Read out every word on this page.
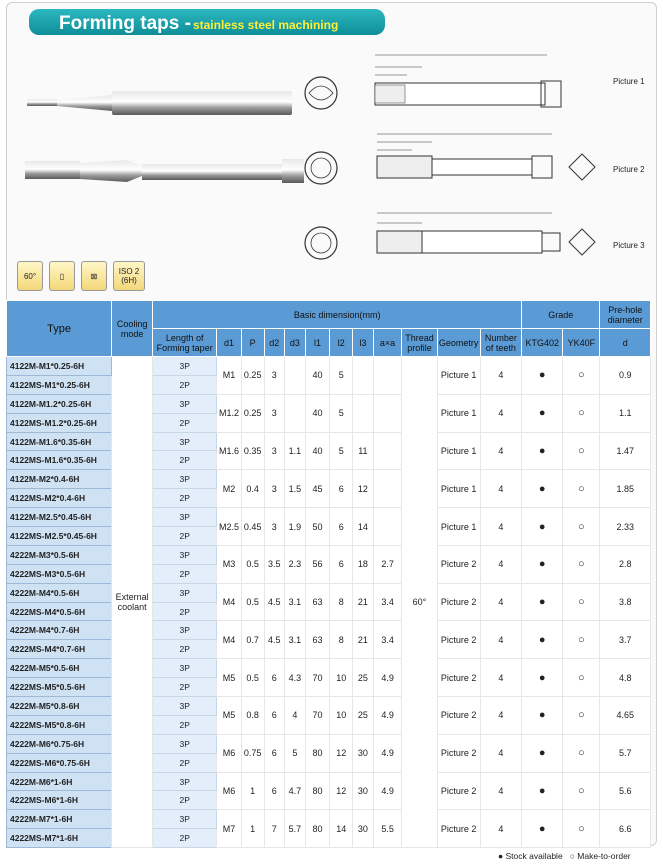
Forming taps - stainless steel machining
Picture 1
Picture 2
Picture 3
60°	▯	⊠	ISO 2
(6H)
Type	Cooling mode	Basic dimension(mm)												Grade		Pre-hole diameter
		Length of Forming taper	d1	P	d2	d3	l1	l2	l3	a×a	Thread profile	Geometry	Number of teeth	KTG402	YK40F	d
4122M-M1*0.25-6H	External coolant	3P	M1	0.25	3		40	5			60°	Picture 1	4	●	○	0.9
4122MS-M1*0.25-6H		2P														
4122M-M1.2*0.25-6H		3P	M1.2	0.25	3		40	5				Picture 1	4	●	○	1.1
4122MS-M1.2*0.25-6H		2P														
4122M-M1.6*0.35-6H		3P	M1.6	0.35	3	1.1	40	5	11			Picture 1	4	●	○	1.47
4122MS-M1.6*0.35-6H		2P														
4122M-M2*0.4-6H		3P	M2	0.4	3	1.5	45	6	12			Picture 1	4	●	○	1.85
4122MS-M2*0.4-6H		2P														
4122M-M2.5*0.45-6H		3P	M2.5	0.45	3	1.9	50	6	14			Picture 1	4	●	○	2.33
4122MS-M2.5*0.45-6H		2P														
4222M-M3*0.5-6H		3P	M3	0.5	3.5	2.3	56	6	18	2.7		Picture 2	4	●	○	2.8
4222MS-M3*0.5-6H		2P														
4222M-M4*0.5-6H		3P	M4	0.5	4.5	3.1	63	8	21	3.4		Picture 2	4	●	○	3.8
4222MS-M4*0.5-6H		2P														
4222M-M4*0.7-6H		3P	M4	0.7	4.5	3.1	63	8	21	3.4		Picture 2	4	●	○	3.7
4222MS-M4*0.7-6H		2P														
4222M-M5*0.5-6H		3P	M5	0.5	6	4.3	70	10	25	4.9		Picture 2	4	●	○	4.8
4222MS-M5*0.5-6H		2P														
4222M-M5*0.8-6H		3P	M5	0.8	6	4	70	10	25	4.9		Picture 2	4	●	○	4.65
4222MS-M5*0.8-6H		2P														
4222M-M6*0.75-6H		3P	M6	0.75	6	5	80	12	30	4.9		Picture 2	4	●	○	5.7
4222MS-M6*0.75-6H		2P														
4222M-M6*1-6H		3P	M6	1	6	4.7	80	12	30	4.9		Picture 2	4	●	○	5.6
4222MS-M6*1-6H		2P														
4222M-M7*1-6H		3P	M7	1	7	5.7	80	14	30	5.5		Picture 2	4	●	○	6.6
4222MS-M7*1-6H		2P														
● Stock available ○ Make-to-order
